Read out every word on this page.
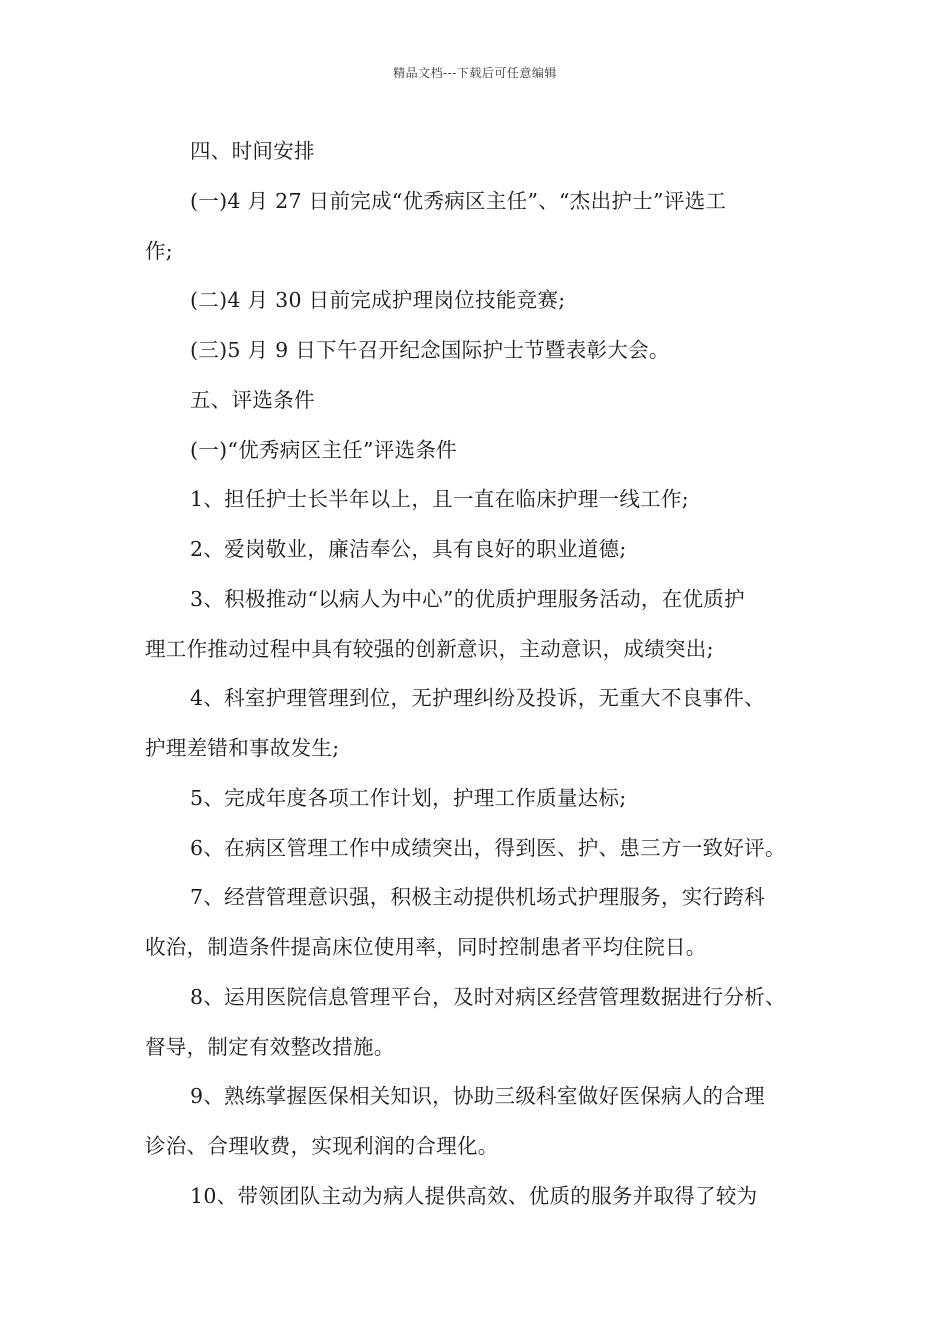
精品文档---下载后可任意编辑
四、时间安排
(一)4 月 27 日前完成“优秀病区主任”、“杰出护士”评选工
作;
(二)4 月 30 日前完成护理岗位技能竞赛;
(三)5 月 9 日下午召开纪念国际护士节暨表彰大会。
五、评选条件
(一)“优秀病区主任”评选条件
1、担任护士长半年以上，且一直在临床护理一线工作;
2、爱岗敬业，廉洁奉公，具有良好的职业道德;
3、积极推动“以病人为中心”的优质护理服务活动，在优质护
理工作推动过程中具有较强的创新意识，主动意识，成绩突出;
4、科室护理管理到位，无护理纠纷及投诉，无重大不良事件、
护理差错和事故发生;
5、完成年度各项工作计划，护理工作质量达标;
6、在病区管理工作中成绩突出，得到医、护、患三方一致好评。
7、经营管理意识强，积极主动提供机场式护理服务，实行跨科
收治，制造条件提高床位使用率，同时控制患者平均住院日。
8、运用医院信息管理平台，及时对病区经营管理数据进行分析、
督导，制定有效整改措施。
9、熟练掌握医保相关知识，协助三级科室做好医保病人的合理
诊治、合理收费，实现利润的合理化。
10、带领团队主动为病人提供高效、优质的服务并取得了较为
